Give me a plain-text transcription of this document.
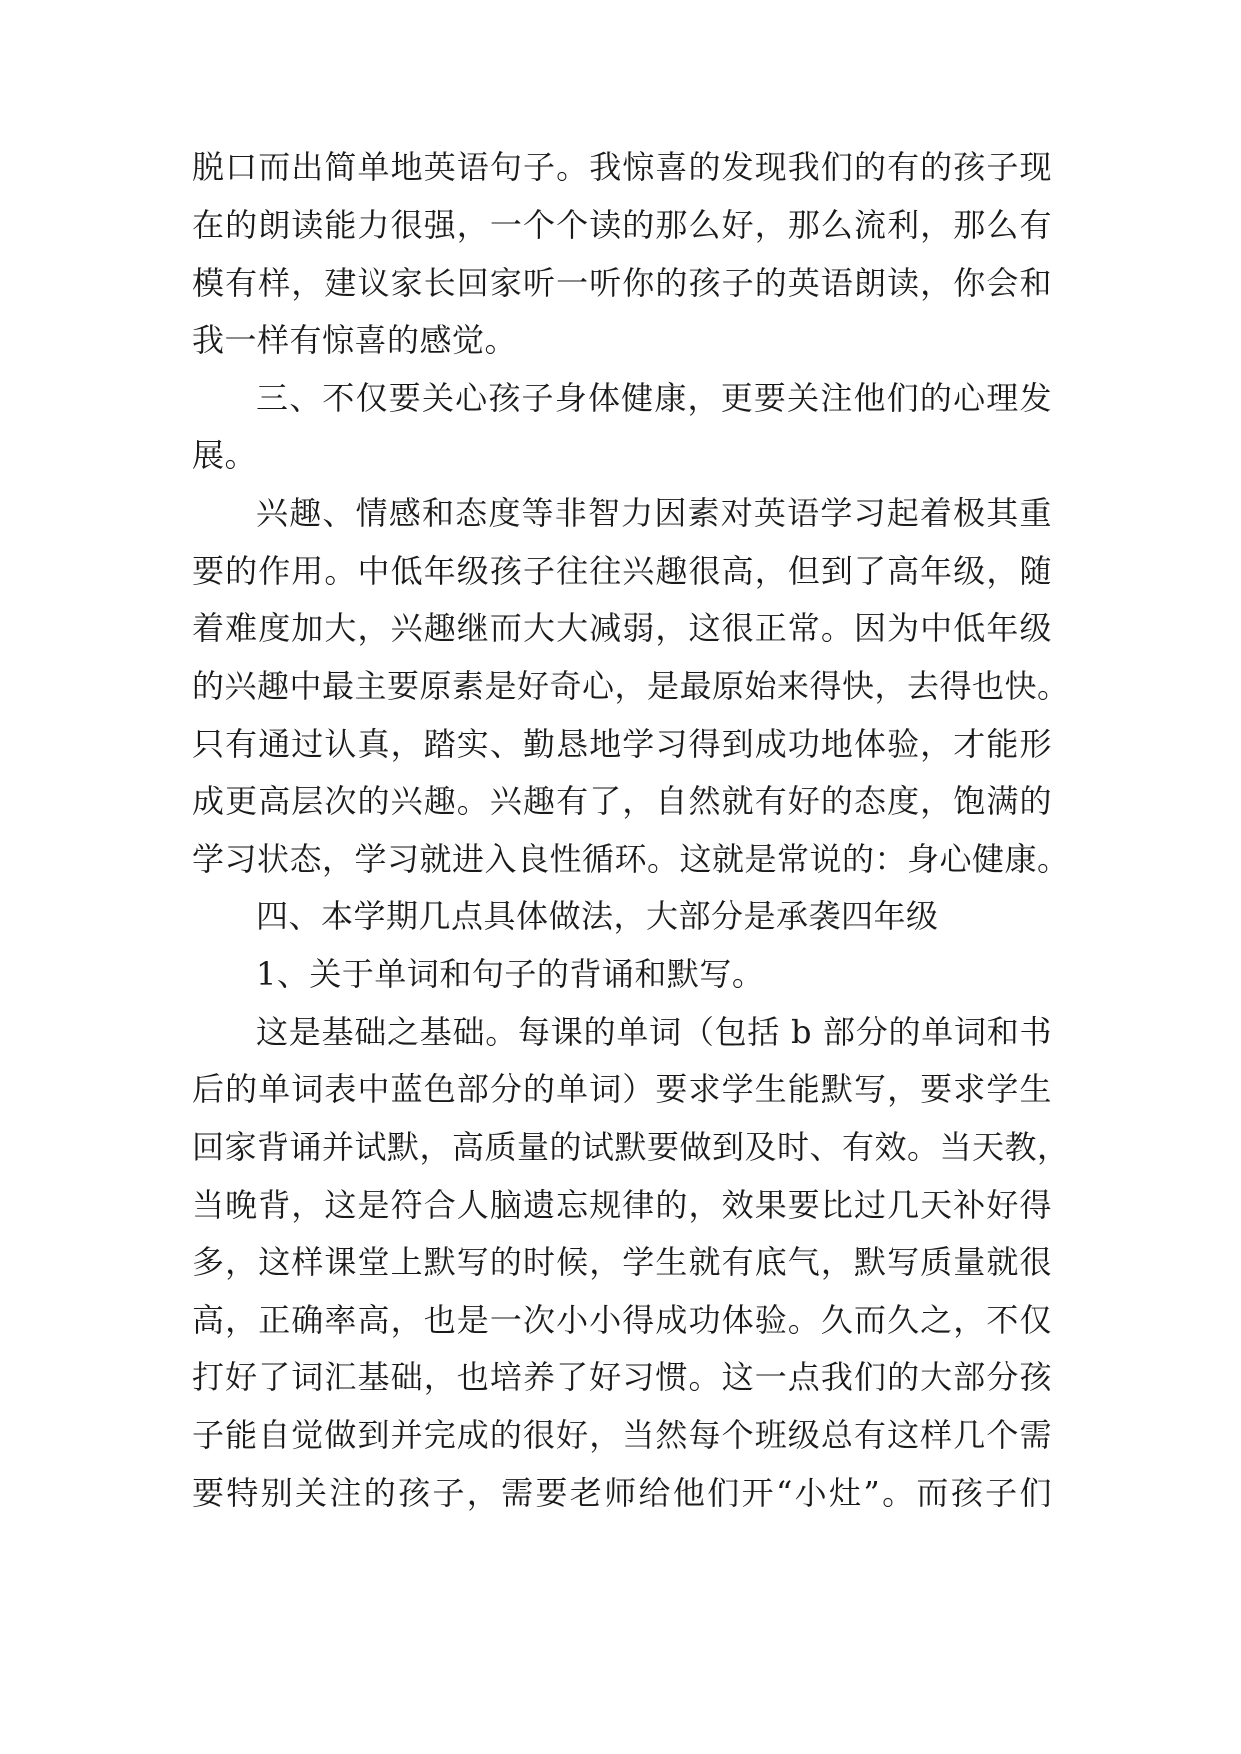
脱口而出简单地英语句子。我惊喜的发现我们的有的孩子现
在的朗读能力很强，一个个读的那么好，那么流利，那么有
模有样，建议家长回家听一听你的孩子的英语朗读，你会和
我一样有惊喜的感觉。
三、不仅要关心孩子身体健康，更要关注他们的心理发
展。
兴趣、情感和态度等非智力因素对英语学习起着极其重
要的作用。中低年级孩子往往兴趣很高，但到了高年级，随
着难度加大，兴趣继而大大减弱，这很正常。因为中低年级
的兴趣中最主要原素是好奇心，是最原始来得快，去得也快。
只有通过认真，踏实、勤恳地学习得到成功地体验，才能形
成更高层次的兴趣。兴趣有了，自然就有好的态度，饱满的
学习状态，学习就进入良性循环。这就是常说的：身心健康。
四、本学期几点具体做法，大部分是承袭四年级
1、关于单词和句子的背诵和默写。
这是基础之基础。每课的单词（包括 b 部分的单词和书
后的单词表中蓝色部分的单词）要求学生能默写，要求学生
回家背诵并试默，高质量的试默要做到及时、有效。当天教，
当晚背，这是符合人脑遗忘规律的，效果要比过几天补好得
多，这样课堂上默写的时候，学生就有底气，默写质量就很
高，正确率高，也是一次小小得成功体验。久而久之，不仅
打好了词汇基础，也培养了好习惯。这一点我们的大部分孩
子能自觉做到并完成的很好，当然每个班级总有这样几个需
要特别关注的孩子，需要老师给他们开“小灶”。而孩子们
